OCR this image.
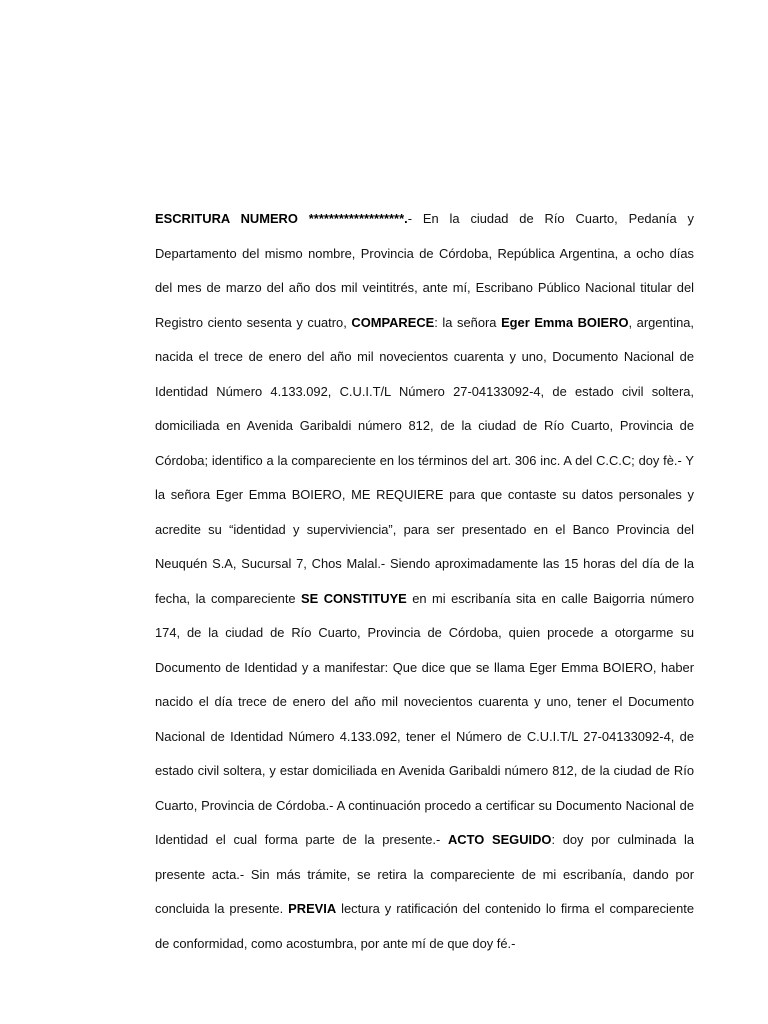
ESCRITURA NUMERO *******************.- En la ciudad de Río Cuarto, Pedanía y Departamento del mismo nombre, Provincia de Córdoba, República Argentina, a ocho días del mes de marzo del año dos mil veintitrés, ante mí, Escribano Público Nacional titular del Registro ciento sesenta y cuatro, COMPARECE: la señora Eger Emma BOIERO, argentina, nacida el trece de enero del año mil novecientos cuarenta y uno, Documento Nacional de Identidad Número 4.133.092, C.U.I.T/L Número 27-04133092-4, de estado civil soltera, domiciliada en Avenida Garibaldi número 812, de la ciudad de Río Cuarto, Provincia de Córdoba; identifico a la compareciente en los términos del art. 306 inc. A del C.C.C; doy fè.- Y la señora Eger Emma BOIERO, ME REQUIERE para que contaste su datos personales y acredite su “identidad y superviviencia”, para ser presentado en el Banco Provincia del Neuquén S.A, Sucursal 7, Chos Malal.- Siendo aproximadamente las 15 horas del día de la fecha, la compareciente SE CONSTITUYE en mi escribanía sita en calle Baigorria número 174, de la ciudad de Río Cuarto, Provincia de Córdoba, quien procede a otorgarme su Documento de Identidad y a manifestar: Que dice que se llama Eger Emma BOIERO, haber nacido el día trece de enero del año mil novecientos cuarenta y uno, tener el Documento Nacional de Identidad Número 4.133.092, tener el Número de C.U.I.T/L 27-04133092-4, de estado civil soltera, y estar domiciliada en Avenida Garibaldi número 812, de la ciudad de Río Cuarto, Provincia de Córdoba.- A continuación procedo a certificar su Documento Nacional de Identidad el cual forma parte de la presente.- ACTO SEGUIDO: doy por culminada la presente acta.- Sin más trámite, se retira la compareciente de mi escribanía, dando por concluida la presente. PREVIA lectura y ratificación del contenido lo firma el compareciente de conformidad, como acostumbra, por ante mí de que doy fé.-
